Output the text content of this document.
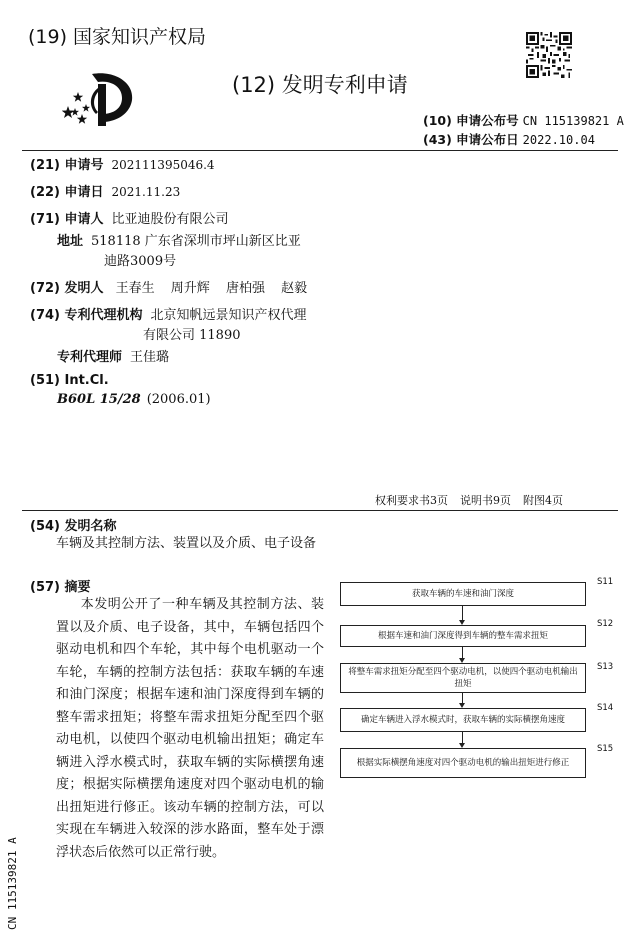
(19) 国家知识产权局
(12) 发明专利申请
(10) 申请公布号 CN 115139821 A
(43) 申请公布日 2022.10.04
(21) 申请号 202111395046.4
(22) 申请日 2021.11.23
(71) 申请人 比亚迪股份有限公司
地址 518118 广东省深圳市坪山新区比亚
迪路3009号
(72) 发明人 王春生 周升辉 唐柏强 赵毅
(74) 专利代理机构 北京知帆远景知识产权代理
有限公司 11890
专利代理师 王佳璐
(51) Int.Cl.
B60L 15/28 (2006.01)
权利要求书3页 说明书9页 附图4页
(54) 发明名称
车辆及其控制方法、装置以及介质、电子设备
(57) 摘要
本发明公开了一种车辆及其控制方法、装置以及介质、电子设备，其中，车辆包括四个驱动电机和四个车轮，其中每个电机驱动一个车轮，车辆的控制方法包括：获取车辆的车速和油门深度；根据车速和油门深度得到车辆的整车需求扭矩；将整车需求扭矩分配至四个驱动电机，以使四个驱动电机输出扭矩；确定车辆进入浮水模式时，获取车辆的实际横摆角速度；根据实际横摆角速度对四个驱动电机的输出扭矩进行修正。该动车辆的控制方法，可以实现在车辆进入较深的涉水路面，整车处于漂浮状态后依然可以正常行驶。
获取车辆的车速和油门深度
S11
根据车速和油门深度得到车辆的整车需求扭矩
S12
将整车需求扭矩分配至四个驱动电机，以使四个驱动电机输出扭矩
S13
确定车辆进入浮水模式时，获取车辆的实际横摆角速度
S14
根据实际横摆角速度对四个驱动电机的输出扭矩进行修正
S15
CN 115139821 A
